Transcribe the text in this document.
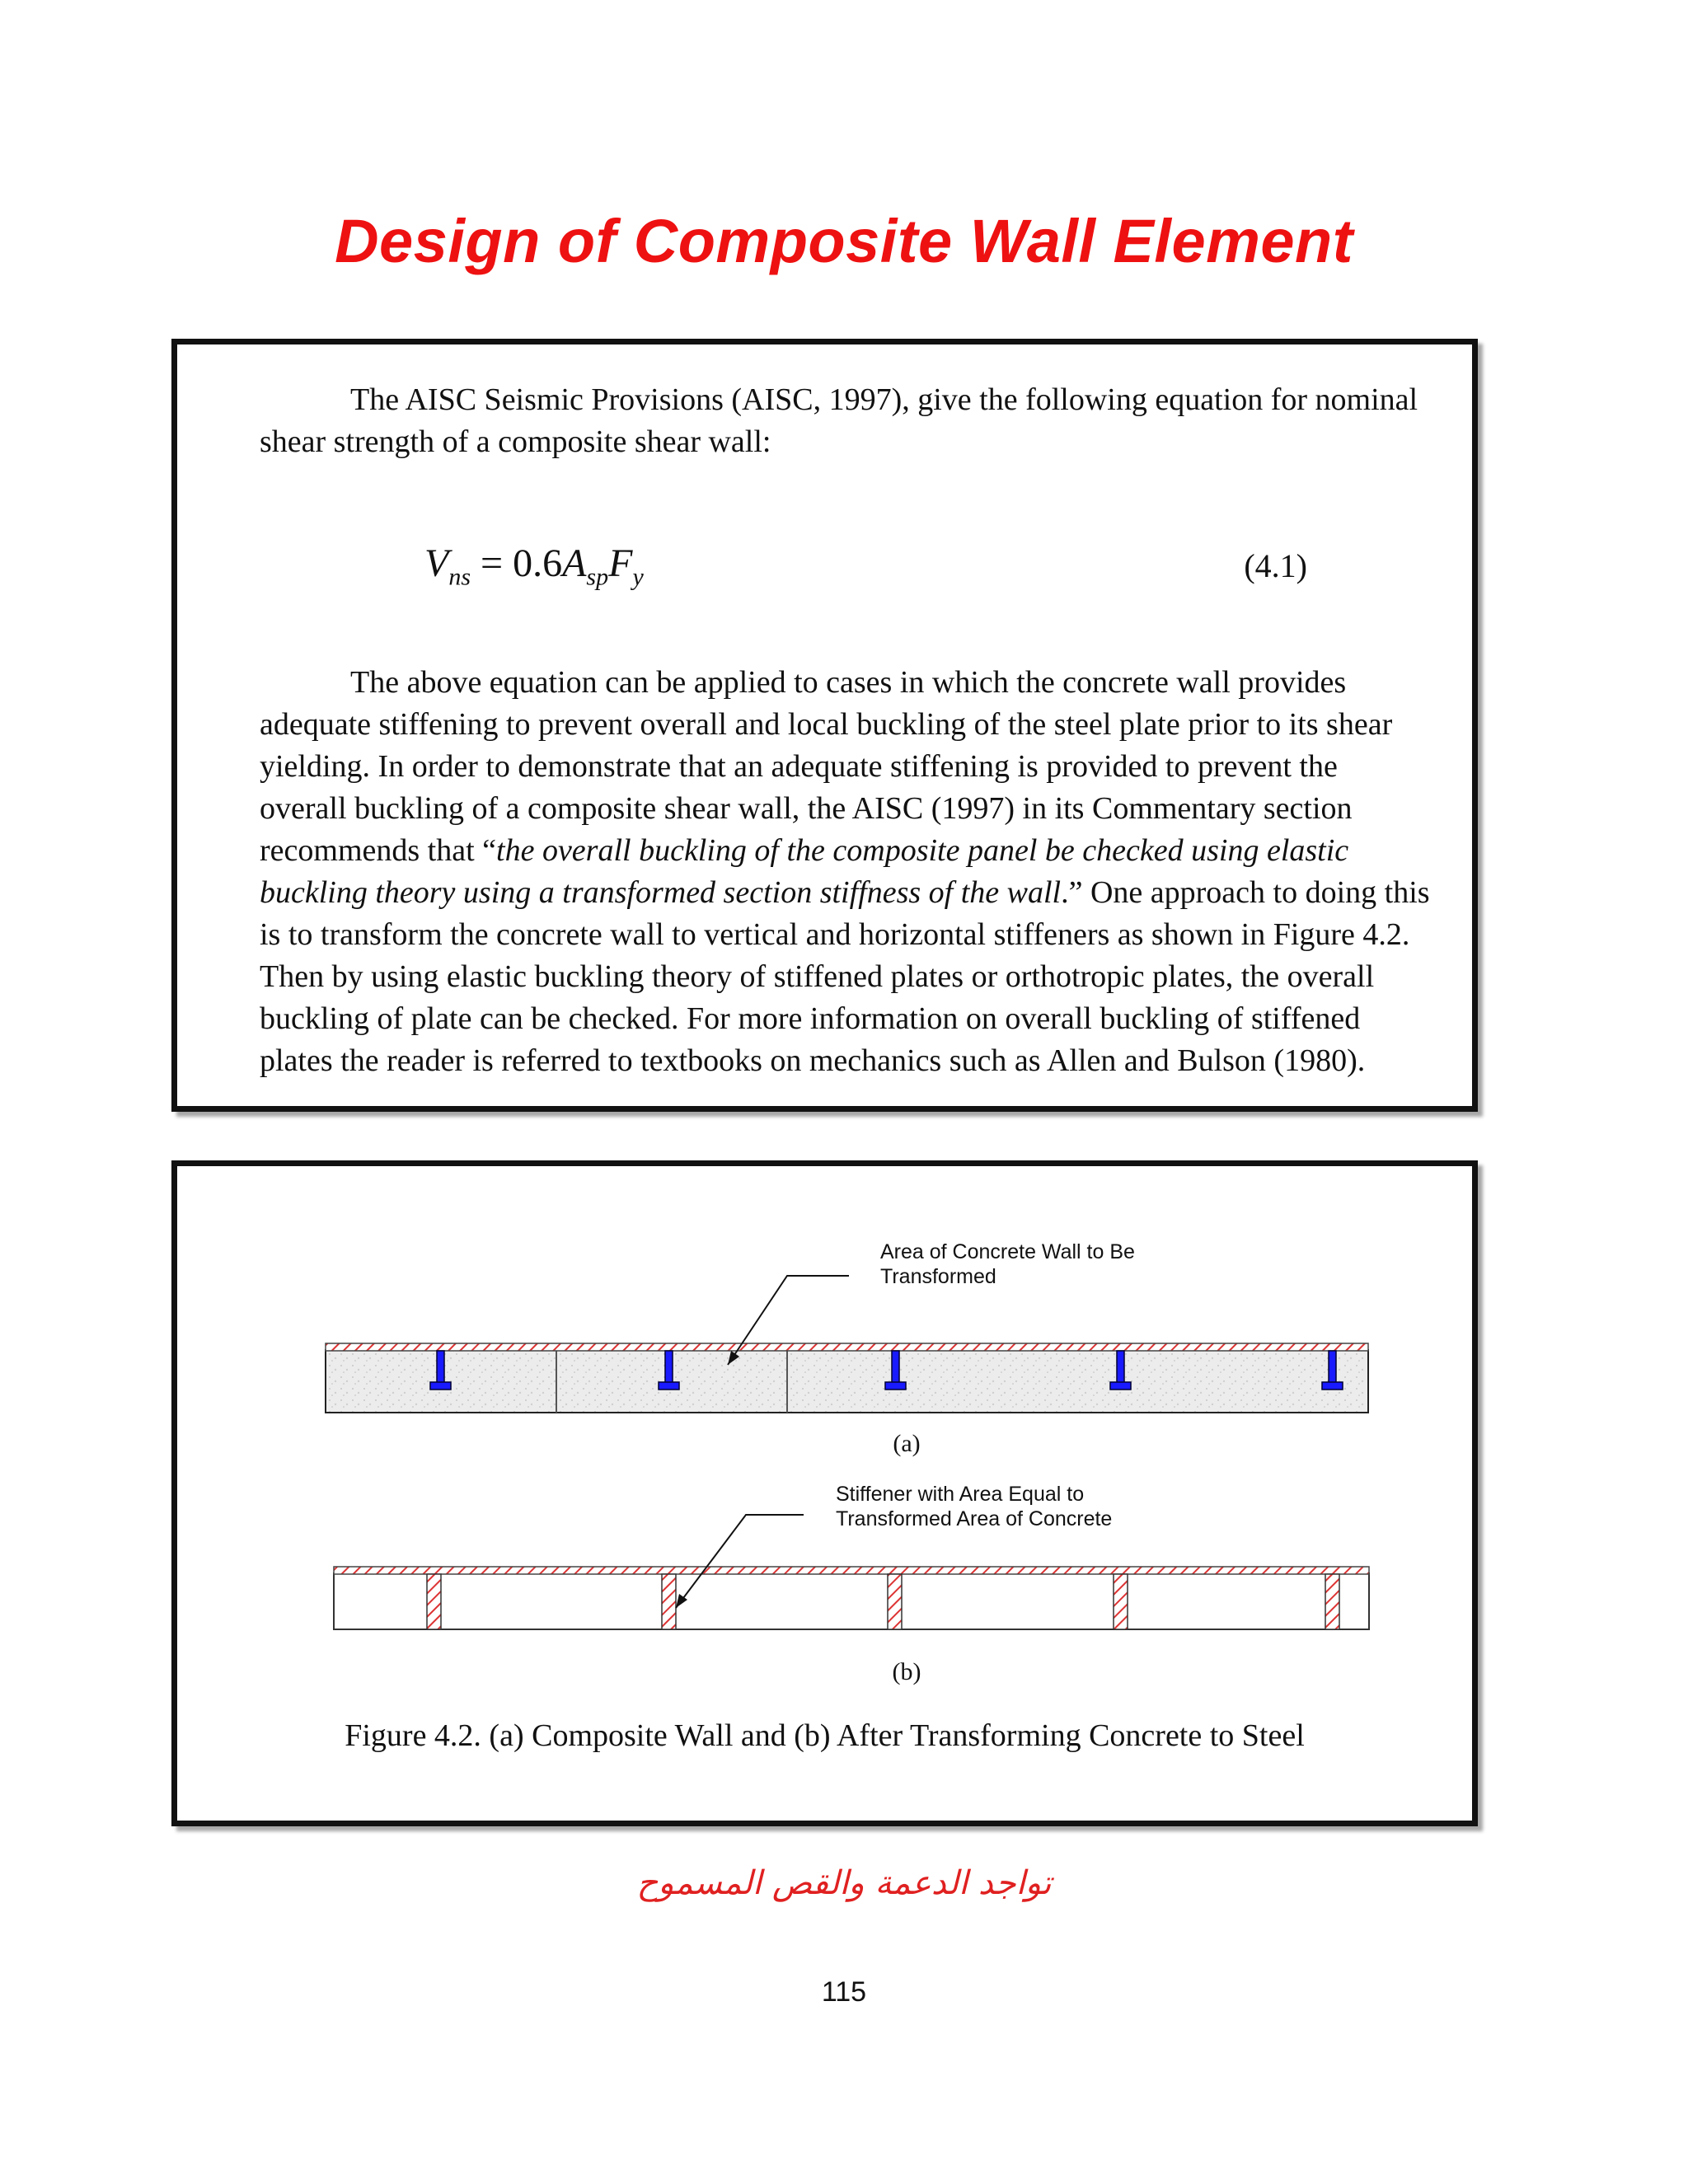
Design of Composite Wall Element

The AISC Seismic Provisions (AISC, 1997), give the following equation for nominal shear strength of a composite shear wall:

$V_{ns} = 0.6A_{sp}F_y$	(4.1)

The above equation can be applied to cases in which the concrete wall provides adequate stiffening to prevent overall and local buckling of the steel plate prior to its shear yielding. In order to demonstrate that an adequate stiffening is provided to prevent the overall buckling of a composite shear wall, the AISC (1997) in its Commentary section recommends that “the overall buckling of the composite panel be checked using elastic buckling theory using a transformed section stiffness of the wall.” One approach to doing this is to transform the concrete wall to vertical and horizontal stiffeners as shown in Figure 4.2. Then by using elastic buckling theory of stiffened plates or orthotropic plates, the overall buckling of plate can be checked. For more information on overall buckling of stiffened plates the reader is referred to textbooks on mechanics such as Allen and Bulson (1980).

Area of Concrete Wall to Be
Transformed
(a)
Stiffener with Area Equal to
Transformed Area of Concrete
(b)
Figure 4.2. (a) Composite Wall and (b) After Transforming Concrete to Steel
تواجد الدعمة والقص المسموح
115
